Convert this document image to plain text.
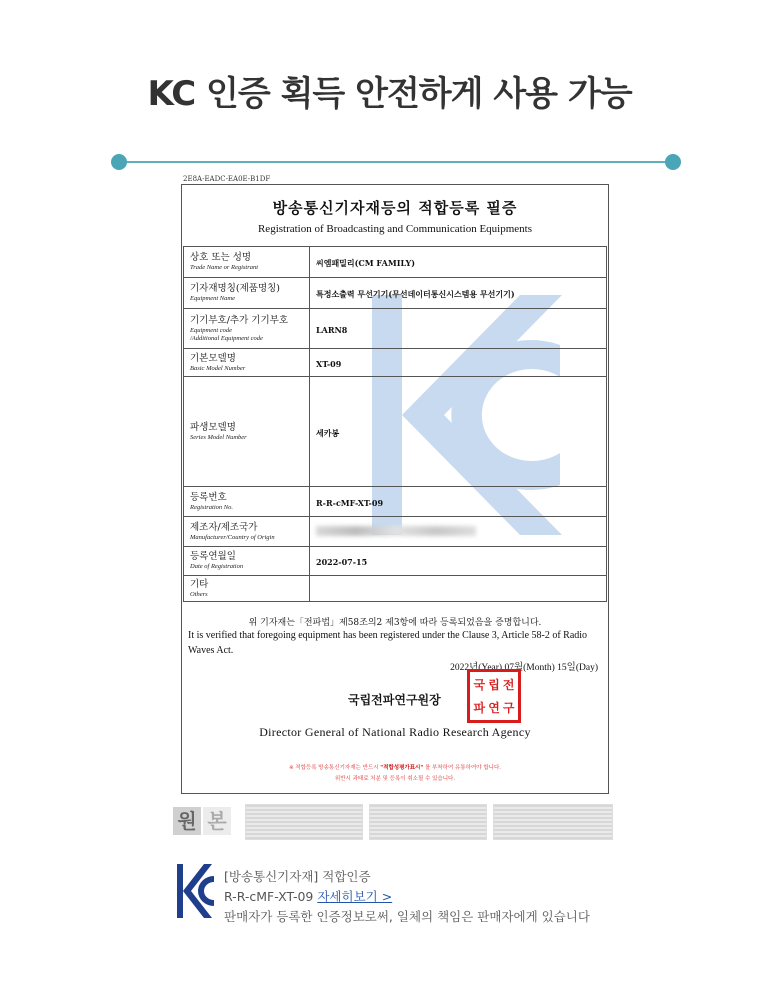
KC 인증 획득 안전하게 사용 가능
2E8A-EADC-EA0E-B1DF
방송통신기자재등의 적합등록 필증
Registration of Broadcasting and Communication Equipments
상호 또는 성명
Trade Name or Registrant	씨엠패밀리(CM FAMILY)

기자재명칭(제품명칭)
Equipment Name	특정소출력 무선기기(무선데이터통신시스템용 무선기기)

기기부호/추가 기기부호
Equipment code
/Additional Equipment code	LARN8

기본모델명
Basic Model Number	XT-09

파생모델명
Series Model Number	세카봉

등록번호
Registration No.	R-R-cMF-XT-09

제조자/제조국가
Manufacturer/Country of Origin	

등록연월일
Date of Registration	2022-07-15

기타
Others	

위 기자재는「전파법」제58조의2 제3항에 따라 등록되었음을 증명합니다.
It is verified that foregoing equipment has been registered under the Clause 3, Article 58-2 of Radio Waves Act.
2022년(Year) 07월(Month) 15일(Day)
국립전파연구원장
국 립 전
파 연 구
Director General of National Radio Research Agency
※ 적합등록 방송통신기자재는 반드시 "적합성평가표시" 를 부착하여 유통하여야 합니다.
위반시 과태료 처분 및 등록이 취소될 수 있습니다.
원 본
[방송통신기자재] 적합인증
R-R-cMF-XT-09 자세히보기 >
판매자가 등록한 인증정보로써, 일체의 책임은 판매자에게 있습니다
